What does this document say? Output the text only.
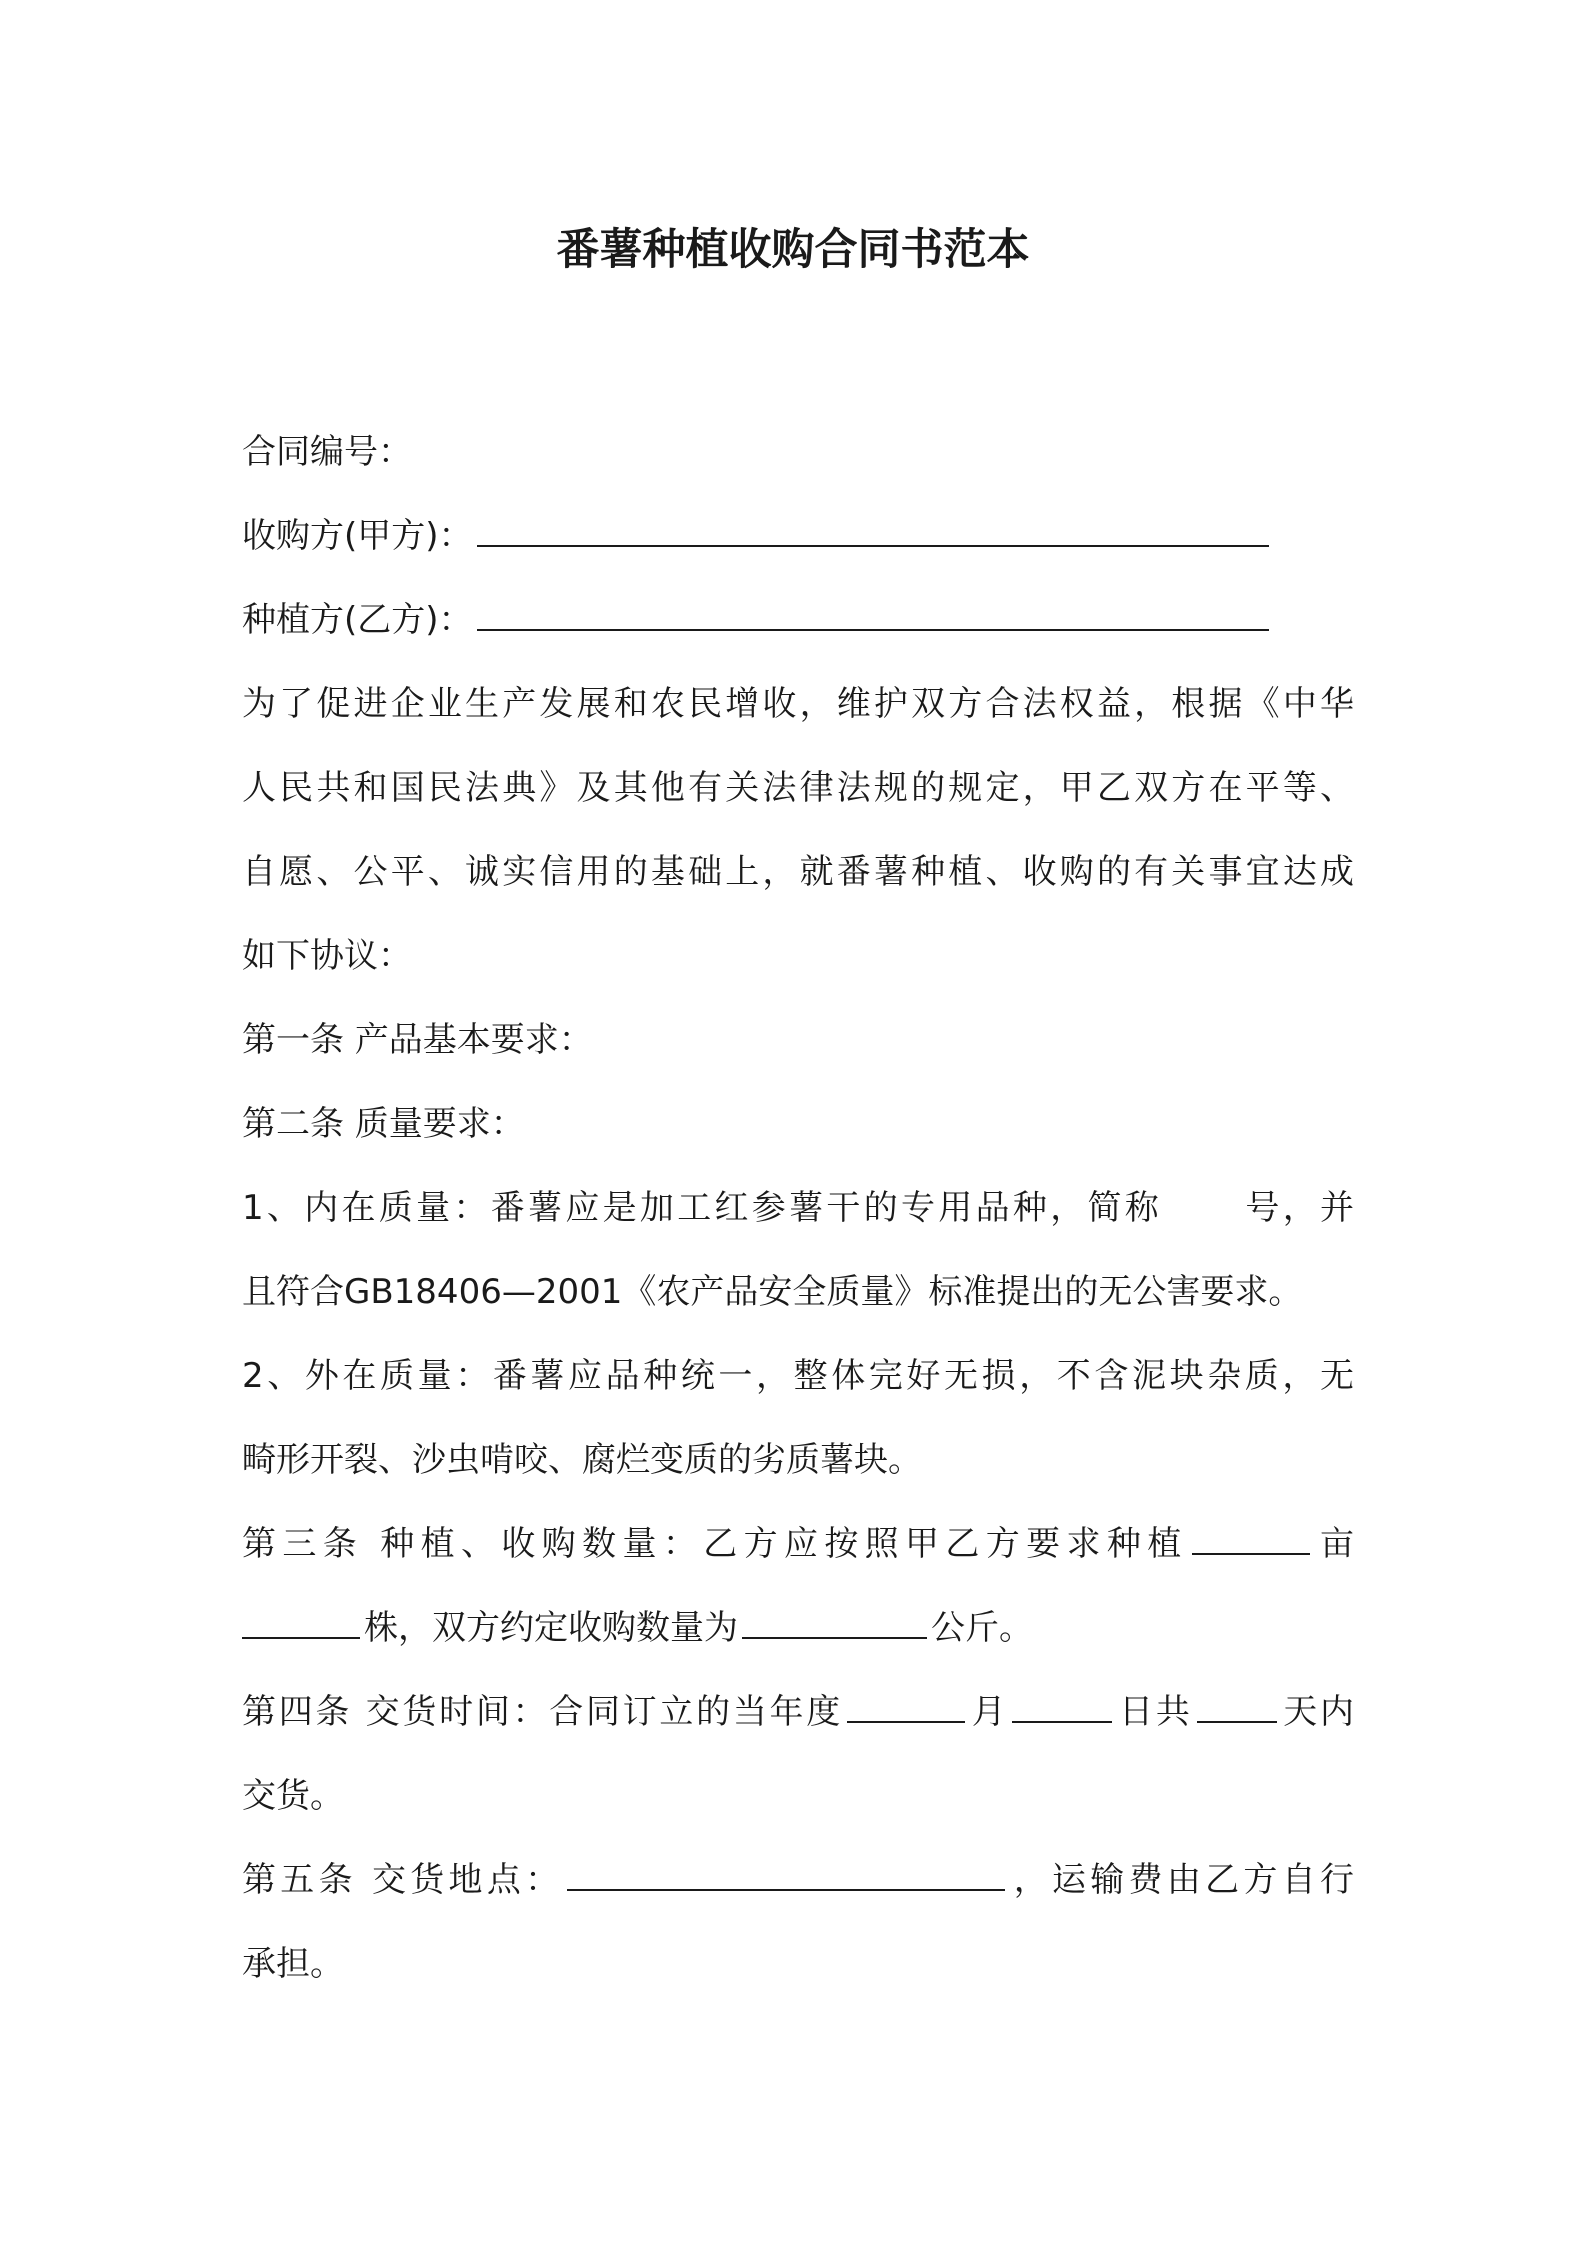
番薯种植收购合同书范本
合同编号：
收购方(甲方)：
种植方(乙方)：
为了促进企业生产发展和农民增收，维护双方合法权益，根据《中华
人民共和国民法典》及其他有关法律法规的规定，甲乙双方在平等、
自愿、公平、诚实信用的基础上，就番薯种植、收购的有关事宜达成
如下协议：
第一条 产品基本要求：
第二条 质量要求：
1、内在质量：番薯应是加工红参薯干的专用品种，简称 号，并
且符合GB18406—2001《农产品安全质量》标准提出的无公害要求。
2、外在质量：番薯应品种统一，整体完好无损，不含泥块杂质，无
畸形开裂、沙虫啃咬、腐烂变质的劣质薯块。
第三条 种植、收购数量：乙方应按照甲乙方要求种植	亩
株，双方约定收购数量为	公斤。
第四条 交货时间：合同订立的当年度	月	日共	天内
交货。
第五条 交货地点：	，运输费由乙方自行
承担。
